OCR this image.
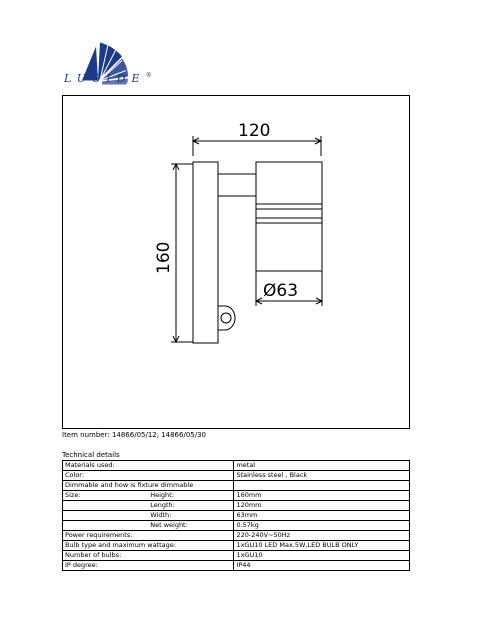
LUCIDE®
120
160
Ø63
Item number: 14866/05/12, 14866/05/30
Technical details
Materials used:		metal
Color:		Stainless steel , Black
Dimmable and how is fixture dimmable		
Size:	Height:	160mm
	Length:	120mm
	Width:	63mm
	Net weight:	0.57kg
Power requirements:		220-240V~50Hz
Bulb type and maximum wattage:		1xGU10 LED Max.5W,LED BULB ONLY
Number of bulbs:		1xGU10
IP degree:		IP44
